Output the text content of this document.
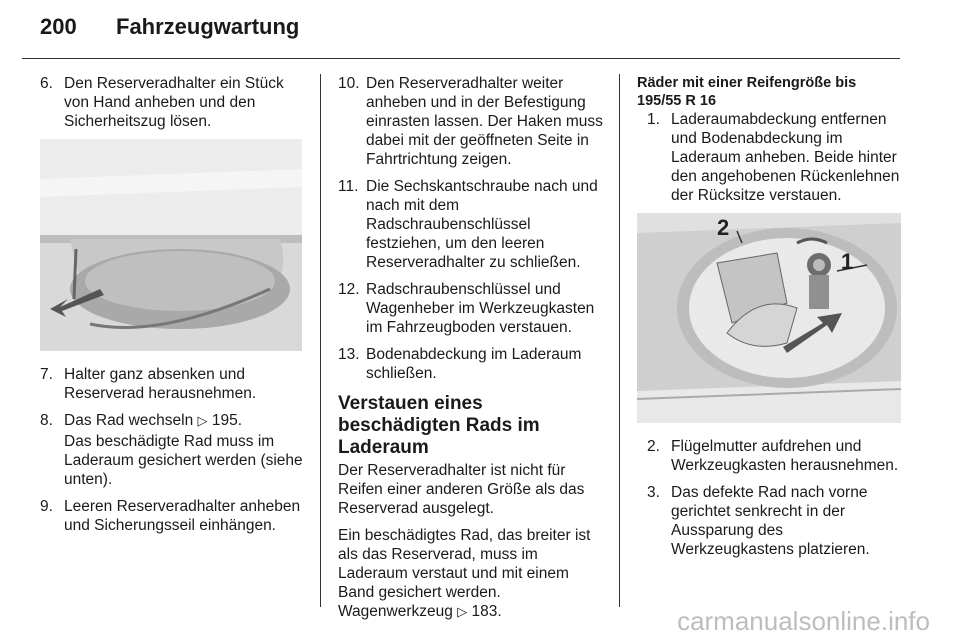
200 Fahrzeugwartung
6. Den Reserveradhalter ein Stück von Hand anheben und den Sicherheitszug lösen.
7. Halter ganz absenken und Reserverad herausnehmen.
8. Das Rad wechseln ▷ 195.
Das beschädigte Rad muss im Laderaum gesichert werden (siehe unten).
9. Leeren Reserveradhalter anheben und Sicherungsseil einhängen.
10. Den Reserveradhalter weiter anheben und in der Befestigung einrasten lassen. Der Haken muss dabei mit der geöffneten Seite in Fahrtrichtung zeigen.
11. Die Sechskantschraube nach und nach mit dem Radschraubenschlüssel festziehen, um den leeren Reserveradhalter zu schließen.
12. Radschraubenschlüssel und Wagenheber im Werkzeugkasten im Fahrzeugboden verstauen.
13. Bodenabdeckung im Laderaum schließen.
Verstauen eines beschädigten Rads im Laderaum
Der Reserveradhalter ist nicht für Reifen einer anderen Größe als das Reserverad ausgelegt.
Ein beschädigtes Rad, das breiter ist als das Reserverad, muss im Laderaum verstaut und mit einem Band gesichert werden. Wagenwerkzeug ▷ 183.
Räder mit einer Reifengröße bis 195/55 R 16
1. Laderaumabdeckung entfernen und Bodenabdeckung im Laderaum anheben. Beide hinter den angehobenen Rückenlehnen der Rücksitze verstauen.
1
2
2. Flügelmutter aufdrehen und Werkzeugkasten herausnehmen.
3. Das defekte Rad nach vorne gerichtet senkrecht in der Aussparung des Werkzeugkastens platzieren.
carmanualsonline.info
